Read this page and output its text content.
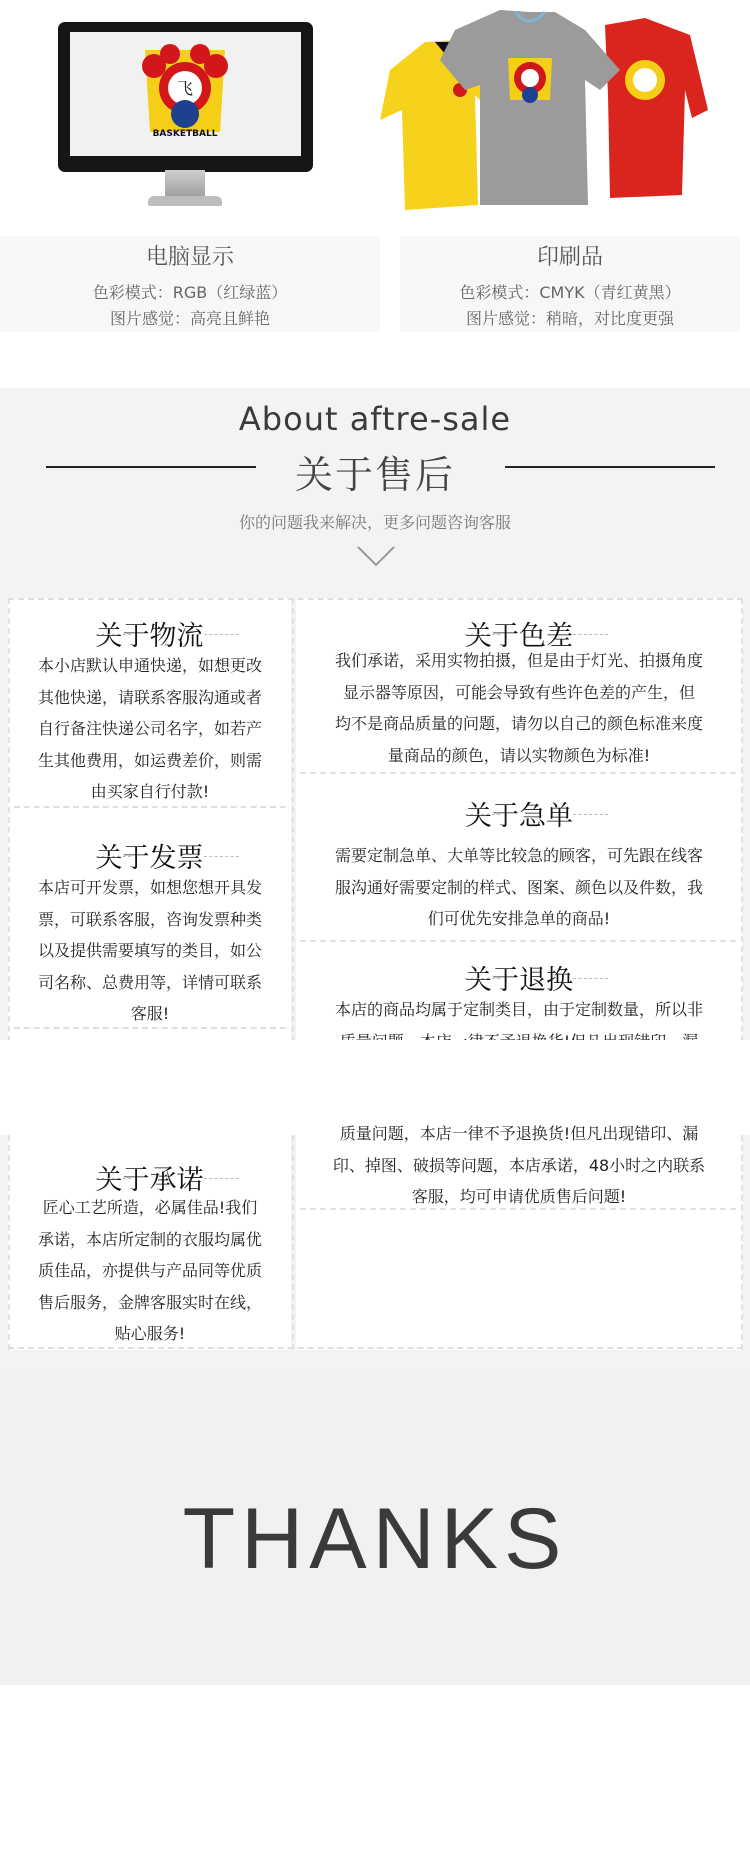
飞
BASKETBALL
电脑显示
色彩模式：RGB（红绿蓝）
图片感觉：高亮且鲜艳
印刷品
色彩模式：CMYK（青红黄黑）
图片感觉：稍暗，对比度更强
About aftre-sale
关于售后
你的问题我来解决，更多问题咨询客服
关于物流
本小店默认申通快递，如想更改
其他快递，请联系客服沟通或者
自行备注快递公司名字，如若产
生其他费用，如运费差价，则需
由买家自行付款!
关于发票
本店可开发票，如想您想开具发
票，可联系客服，咨询发票种类
以及提供需要填写的类目，如公
司名称、总费用等，详情可联系
客服!
关于色差
我们承诺，采用实物拍摄，但是由于灯光、拍摄角度
显示器等原因，可能会导致有些许色差的产生，但
均不是商品质量的问题，请勿以自己的颜色标准来度
量商品的颜色，请以实物颜色为标准!
关于急单
需要定制急单、大单等比较急的顾客，可先跟在线客
服沟通好需要定制的样式、图案、颜色以及件数，我
们可优先安排急单的商品!
关于退换
本店的商品均属于定制类目，由于定制数量，所以非
质量问题，本店一律不予退换货!但凡出现错印、漏
印、掉图、破损等问题，本店承诺，48小时之内联系
客服，均可申请优质售后问题!
关于承诺
匠心工艺所造，必属佳品!我们
承诺，本店所定制的衣服均属优
质佳品，亦提供与产品同等优质
售后服务，金牌客服实时在线，
贴心服务!
THANKS
